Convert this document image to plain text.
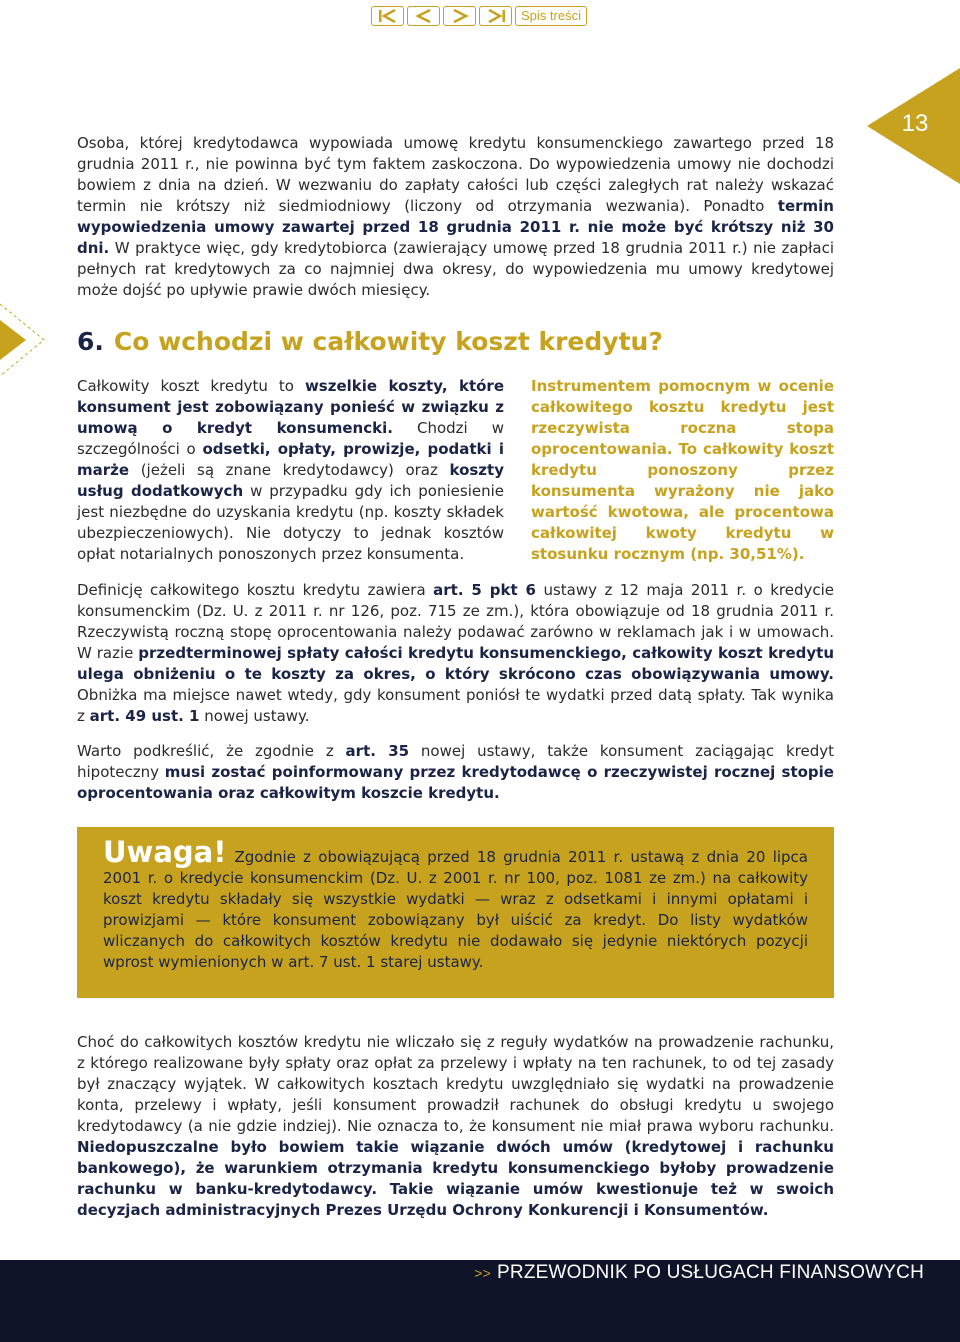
Spis treści
13
Osoba, której kredytodawca wypowiada umowę kredytu konsumenckiego zawartego przed 18 grudnia 2011 r., nie powinna być tym faktem zaskoczona. Do wypowiedzenia umowy nie dochodzi bowiem z dnia na dzień. W wezwaniu do zapłaty całości lub części zaległych rat należy wskazać termin nie krótszy niż siedmiodniowy (liczony od otrzymania wezwania). Ponadto termin wypowiedzenia umowy zawartej przed 18 grudnia 2011 r. nie może być krótszy niż 30 dni. W praktyce więc, gdy kredytobiorca (zawierający umowę przed 18 grudnia 2011 r.) nie zapłaci pełnych rat kredytowych za co najmniej dwa okresy, do wypowiedzenia mu umowy kredytowej może dojść po upływie prawie dwóch miesięcy.
6. Co wchodzi w całkowity koszt kredytu?
Całkowity koszt kredytu to wszelkie koszty, które konsument jest zobowiązany ponieść w związku z umową o kredyt konsumencki. Chodzi w szczególności o odsetki, opłaty, prowizje, podatki i marże (jeżeli są znane kredytodawcy) oraz koszty usług dodatkowych w przypadku gdy ich poniesienie jest niezbędne do uzyskania kredytu (np. koszty składek ubezpieczeniowych). Nie dotyczy to jednak kosztów opłat notarialnych ponoszonych przez konsumenta.
Instrumentem pomocnym w ocenie całkowitego kosztu kredytu jest rzeczywista roczna stopa oprocentowania. To całkowity koszt kredytu ponoszony przez konsumenta wyrażony nie jako wartość kwotowa, ale procentowa całkowitej kwoty kredytu w stosunku rocznym (np. 30,51%).
Definicję całkowitego kosztu kredytu zawiera art. 5 pkt 6 ustawy z 12 maja 2011 r. o kredycie konsumenckim (Dz. U. z 2011 r. nr 126, poz. 715 ze zm.), która obowiązuje od 18 grudnia 2011 r. Rzeczywistą roczną stopę oprocentowania należy podawać zarówno w reklamach jak i w umowach. W razie przedterminowej spłaty całości kredytu konsumenckiego, całkowity koszt kredytu ulega obniżeniu o te koszty za okres, o który skrócono czas obowiązywania umowy. Obniżka ma miejsce nawet wtedy, gdy konsument poniósł te wydatki przed datą spłaty. Tak wynika z art. 49 ust. 1 nowej ustawy.
Warto podkreślić, że zgodnie z art. 35 nowej ustawy, także konsument zaciągając kredyt hipoteczny musi zostać poinformowany przez kredytodawcę o rzeczywistej rocznej stopie oprocentowania oraz całkowitym koszcie kredytu.
Uwaga! Zgodnie z obowiązującą przed 18 grudnia 2011 r. ustawą z dnia 20 lipca 2001 r. o kredycie konsumenckim (Dz. U. z 2001 r. nr 100, poz. 1081 ze zm.) na całkowity koszt kredytu składały się wszystkie wydatki — wraz z odsetkami i innymi opłatami i prowizjami — które konsument zobowiązany był uiścić za kredyt. Do listy wydatków wliczanych do całkowitych kosztów kredytu nie dodawało się jedynie niektórych pozycji wprost wymienionych w art. 7 ust. 1 starej ustawy.
Choć do całkowitych kosztów kredytu nie wliczało się z reguły wydatków na prowadzenie rachunku, z którego realizowane były spłaty oraz opłat za przelewy i wpłaty na ten rachunek, to od tej zasady był znaczący wyjątek. W całkowitych kosztach kredytu uwzględniało się wydatki na prowadzenie konta, przelewy i wpłaty, jeśli konsument prowadził rachunek do obsługi kredytu u swojego kredytodawcy (a nie gdzie indziej). Nie oznacza to, że konsument nie miał prawa wyboru rachunku. Niedopuszczalne było bowiem takie wiązanie dwóch umów (kredytowej i rachunku bankowego), że warunkiem otrzymania kredytu konsumenckiego byłoby prowadzenie rachunku w banku-kredytodawcy. Takie wiązanie umów kwestionuje też w swoich decyzjach administracyjnych Prezes Urzędu Ochrony Konkurencji i Konsumentów.
>> PRZEWODNIK PO USŁUGACH FINANSOWYCH
